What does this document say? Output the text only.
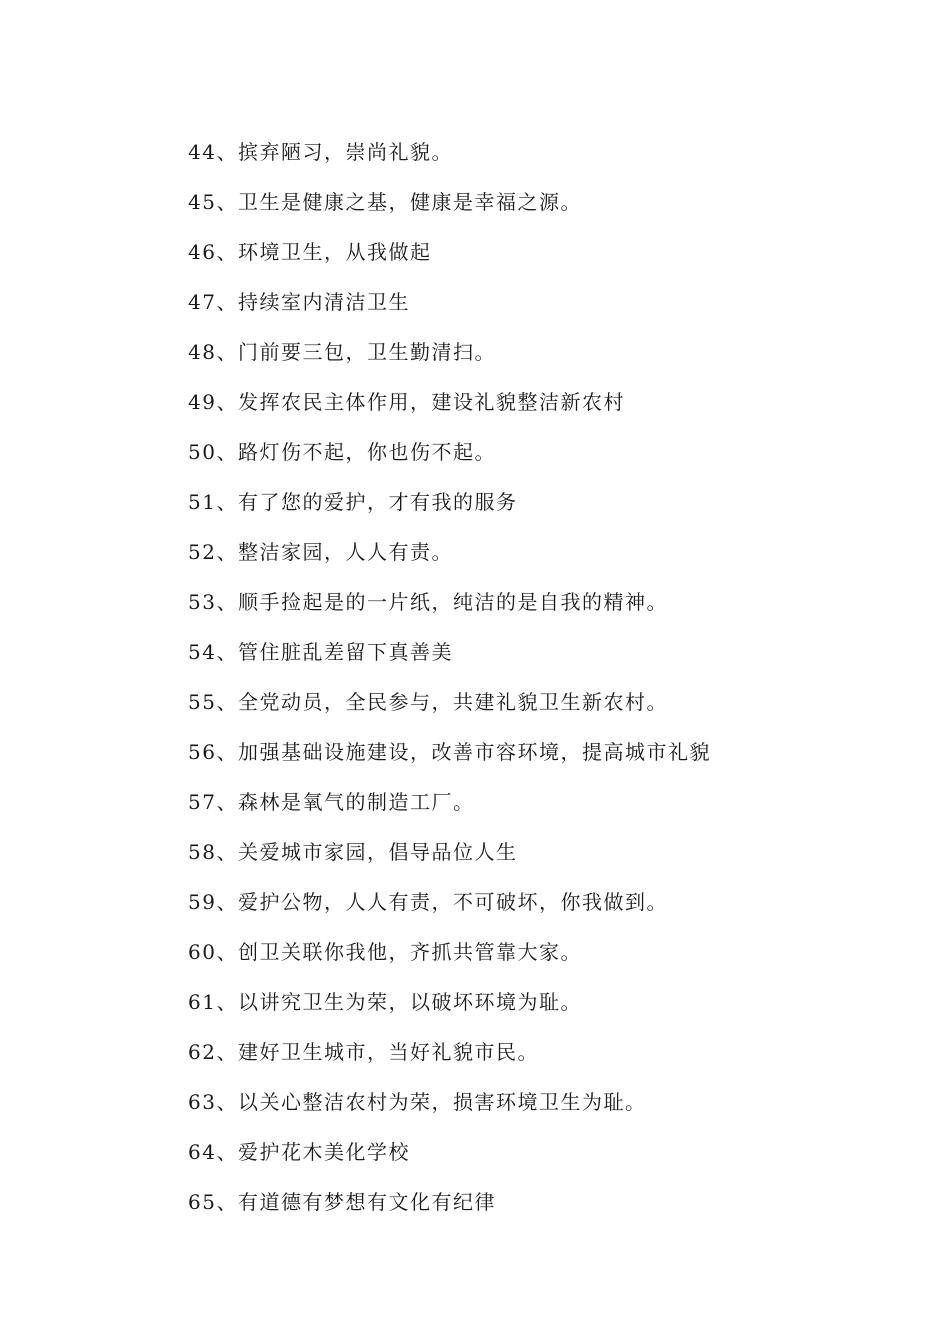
44、摈弃陋习，崇尚礼貌。
45、卫生是健康之基，健康是幸福之源。
46、环境卫生，从我做起
47、持续室内清洁卫生
48、门前要三包，卫生勤清扫。
49、发挥农民主体作用，建设礼貌整洁新农村
50、路灯伤不起，你也伤不起。
51、有了您的爱护，才有我的服务
52、整洁家园，人人有责。
53、顺手捡起是的一片纸，纯洁的是自我的精神。
54、管住脏乱差留下真善美
55、全党动员，全民参与，共建礼貌卫生新农村。
56、加强基础设施建设，改善市容环境，提高城市礼貌
57、森林是氧气的制造工厂。
58、关爱城市家园，倡导品位人生
59、爱护公物，人人有责，不可破坏，你我做到。
60、创卫关联你我他，齐抓共管靠大家。
61、以讲究卫生为荣，以破坏环境为耻。
62、建好卫生城市，当好礼貌市民。
63、以关心整洁农村为荣，损害环境卫生为耻。
64、爱护花木美化学校
65、有道德有梦想有文化有纪律
